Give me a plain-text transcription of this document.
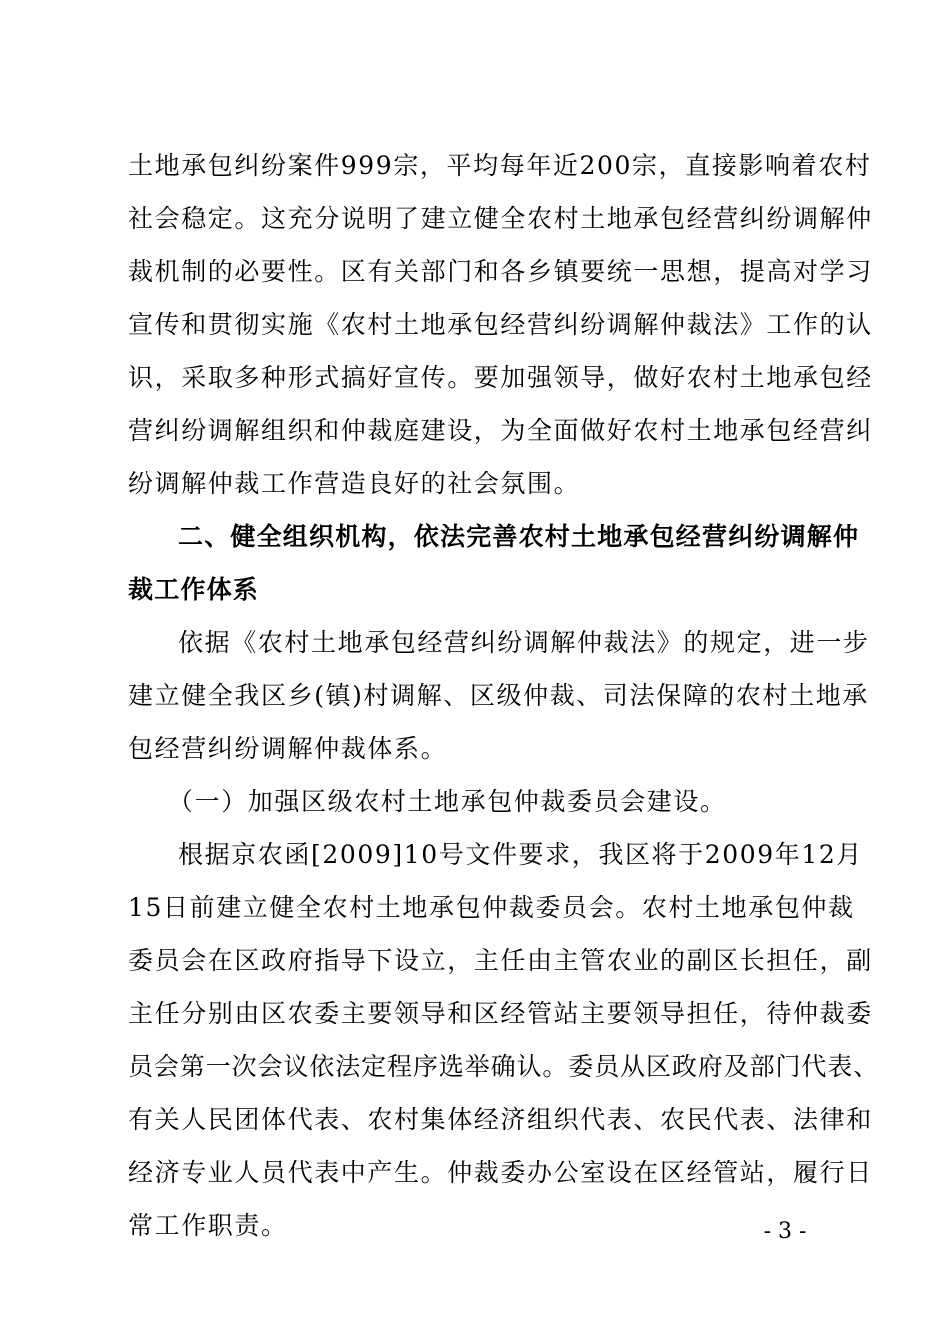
土地承包纠纷案件999宗，平均每年近200宗，直接影响着农村
社会稳定。这充分说明了建立健全农村土地承包经营纠纷调解仲
裁机制的必要性。区有关部门和各乡镇要统一思想，提高对学习
宣传和贯彻实施《农村土地承包经营纠纷调解仲裁法》工作的认
识，采取多种形式搞好宣传。要加强领导，做好农村土地承包经
营纠纷调解组织和仲裁庭建设，为全面做好农村土地承包经营纠
纷调解仲裁工作营造良好的社会氛围。
二、健全组织机构，依法完善农村土地承包经营纠纷调解仲
裁工作体系
依据《农村土地承包经营纠纷调解仲裁法》的规定，进一步
建立健全我区乡(镇)村调解、区级仲裁、司法保障的农村土地承
包经营纠纷调解仲裁体系。
（一）加强区级农村土地承包仲裁委员会建设。
根据京农函[2009]10号文件要求，我区将于2009年12月
15日前建立健全农村土地承包仲裁委员会。农村土地承包仲裁
委员会在区政府指导下设立，主任由主管农业的副区长担任，副
主任分别由区农委主要领导和区经管站主要领导担任，待仲裁委
员会第一次会议依法定程序选举确认。委员从区政府及部门代表、
有关人民团体代表、农村集体经济组织代表、农民代表、法律和
经济专业人员代表中产生。仲裁委办公室设在区经管站，履行日
常工作职责。	- 3 -
